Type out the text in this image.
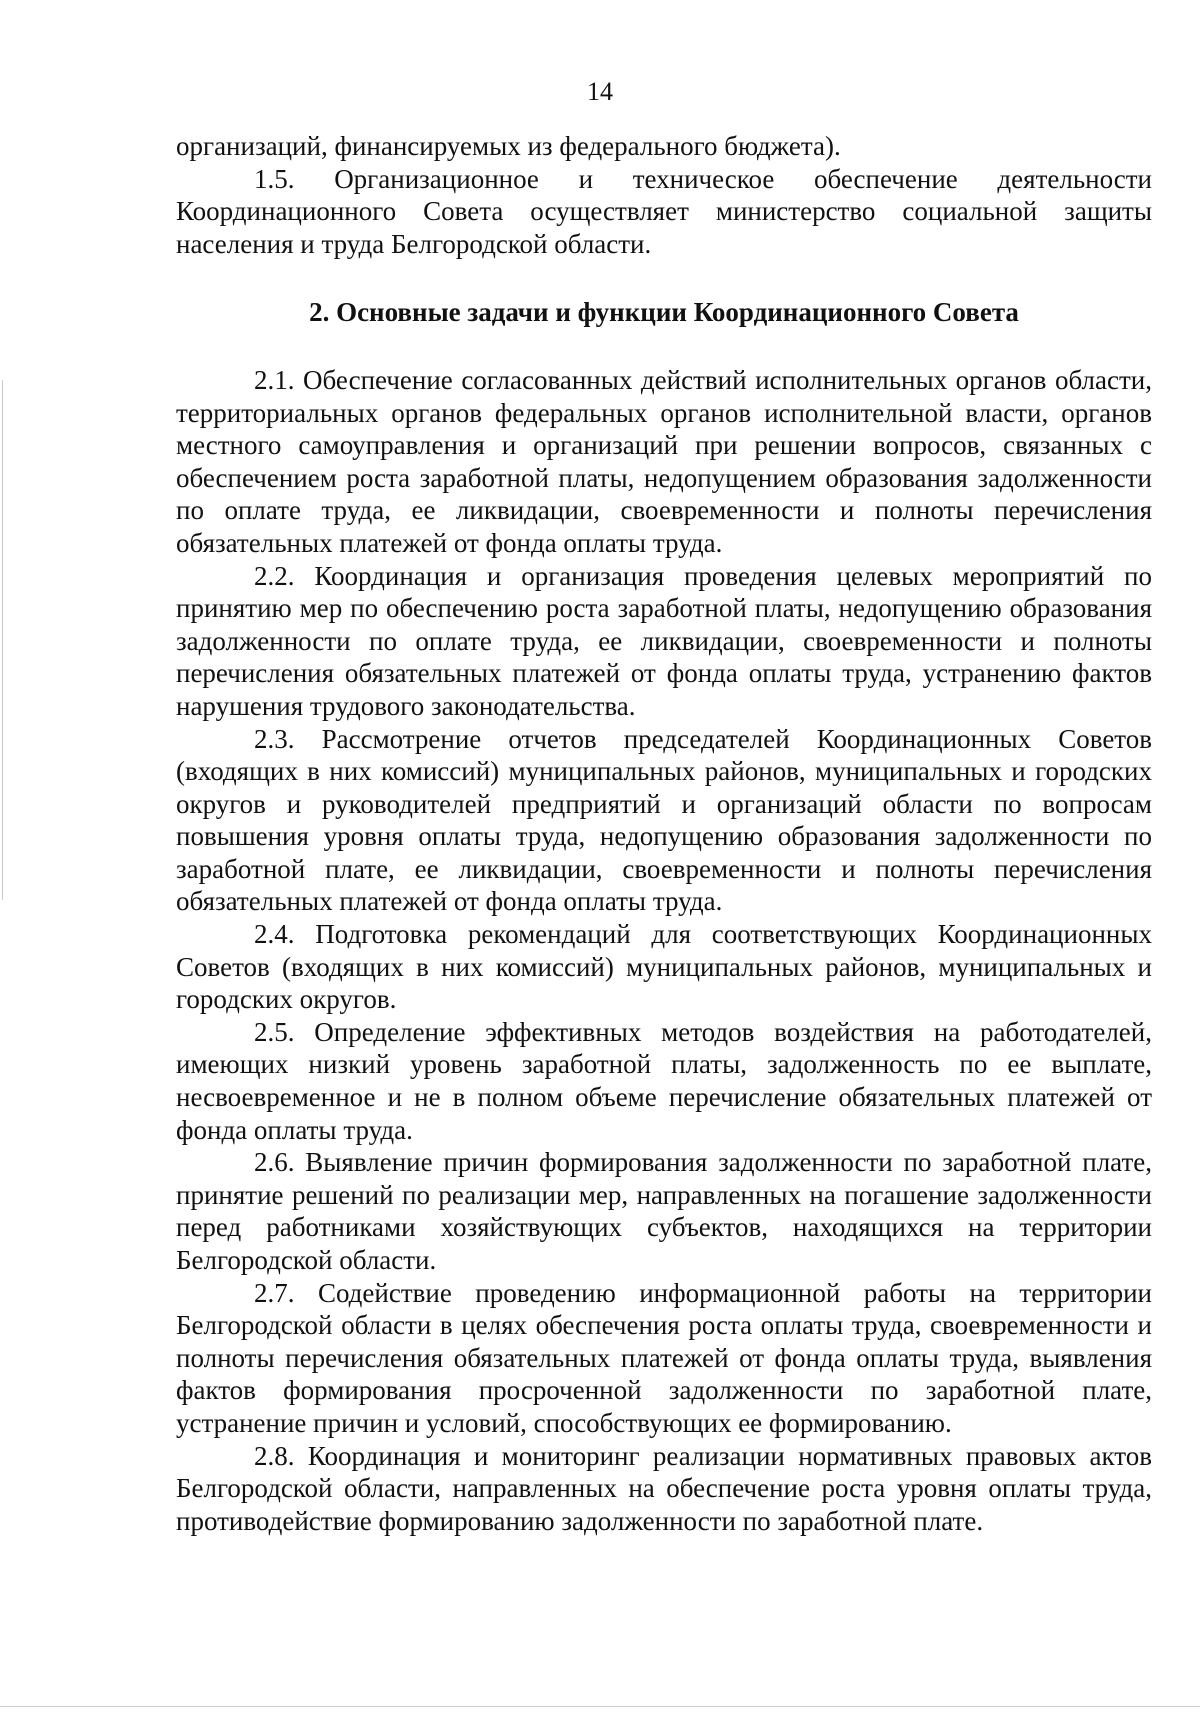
14

организаций, финансируемых из федерального бюджета).

1.5. Организационное и техническое обеспечение деятельности Координационного Совета осуществляет министерство социальной защиты населения и труда Белгородской области.

2. Основные задачи и функции Координационного Совета

2.1. Обеспечение согласованных действий исполнительных органов области, территориальных органов федеральных органов исполнительной власти, органов местного самоуправления и организаций при решении вопросов, связанных с обеспечением роста заработной платы, недопущением образования задолженности по оплате труда, ее ликвидации, своевременности и полноты перечисления обязательных платежей от фонда оплаты труда.

2.2. Координация и организация проведения целевых мероприятий по принятию мер по обеспечению роста заработной платы, недопущению образования задолженности по оплате труда, ее ликвидации, своевременности и полноты перечисления обязательных платежей от фонда оплаты труда, устранению фактов нарушения трудового законодательства.

2.3. Рассмотрение отчетов председателей Координационных Советов (входящих в них комиссий) муниципальных районов, муниципальных и городских округов и руководителей предприятий и организаций области по вопросам повышения уровня оплаты труда, недопущению образования задолженности по заработной плате, ее ликвидации, своевременности и полноты перечисления обязательных платежей от фонда оплаты труда.

2.4. Подготовка рекомендаций для соответствующих Координационных Советов (входящих в них комиссий) муниципальных районов, муниципальных и городских округов.

2.5. Определение эффективных методов воздействия на работодателей, имеющих низкий уровень заработной платы, задолженность по ее выплате, несвоевременное и не в полном объеме перечисление обязательных платежей от фонда оплаты труда.

2.6. Выявление причин формирования задолженности по заработной плате, принятие решений по реализации мер, направленных на погашение задолженности перед работниками хозяйствующих субъектов, находящихся на территории Белгородской области.

2.7. Содействие проведению информационной работы на территории Белгородской области в целях обеспечения роста оплаты труда, своевременности и полноты перечисления обязательных платежей от фонда оплаты труда, выявления фактов формирования просроченной задолженности по заработной плате, устранение причин и условий, способствующих ее формированию.

2.8. Координация и мониторинг реализации нормативных правовых актов Белгородской области, направленных на обеспечение роста уровня оплаты труда, противодействие формированию задолженности по заработной плате.
